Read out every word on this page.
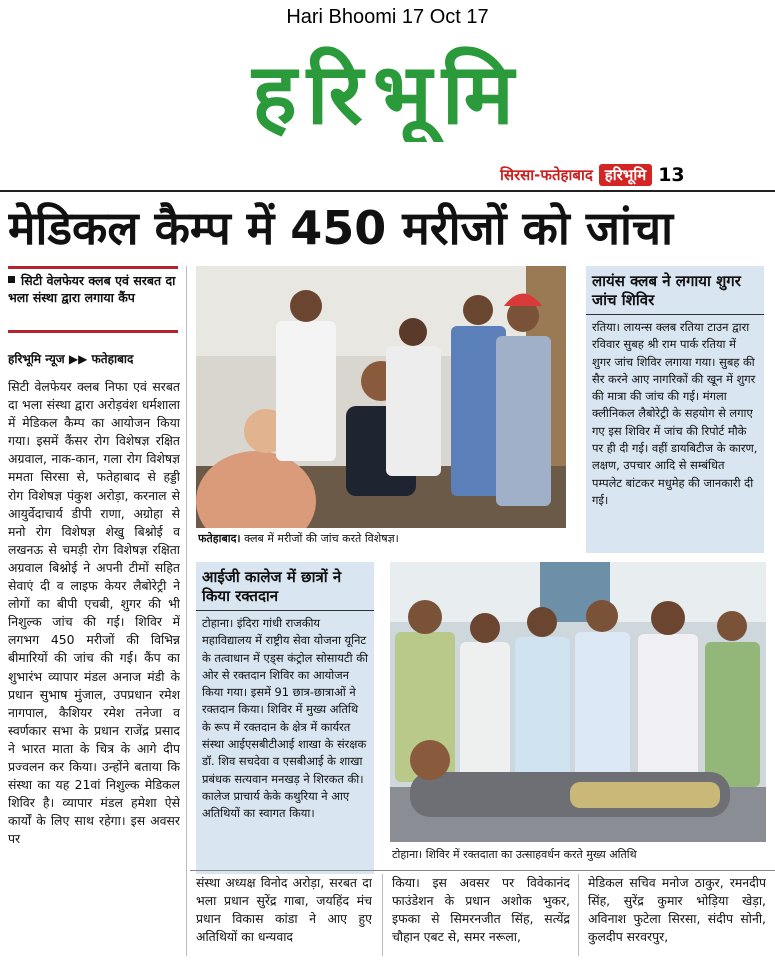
Hari Bhoomi 17 Oct 17
हरिभूमि
सिरसा-फतेहाबाद हरिभूमि 13
मेडिकल कैम्प में 450 मरीजों को जांचा
सिटी वेलफेयर क्लब एवं सरबत दा भला संस्था द्वारा लगाया कैंप
हरिभूमि न्यूज ▶▶ फतेहाबाद
सिटी वेलफेयर क्लब निफा एवं सरबत दा भला संस्था द्वारा अरोड़वंश धर्मशाला में मेडिकल कैम्प का आयोजन किया गया। इसमें कैंसर रोग विशेषज्ञ रक्षित अग्रवाल, नाक-कान, गला रोग विशेषज्ञ ममता सिरसा से, फतेहाबाद से हड्डी रोग विशेषज्ञ पंकुश अरोड़ा, करनाल से आयुर्वेदाचार्य डीपी राणा, अग्रोहा से मनो रोग विशेषज्ञ शेखु बिश्नोई व लखनऊ से चमड़ी रोग विशेषज्ञ रक्षिता अग्रवाल बिश्नोई ने अपनी टीमों सहित सेवाएं दी व लाइफ केयर लैबोरेट्री ने लोगों का बीपी एचबी, शुगर की भी निशुल्क जांच की गई। शिविर में लगभग 450 मरीजों की विभिन्न बीमारियों की जांच की गई। कैंप का शुभारंभ व्यापार मंडल अनाज मंडी के प्रधान सुभाष मुंजाल, उपप्रधान रमेश नागपाल, कैशियर रमेश तनेजा व स्वर्णकार सभा के प्रधान राजेंद्र प्रसाद ने भारत माता के चित्र के आगे दीप प्रज्वलन कर किया। उन्होंने बताया कि संस्था का यह 21वां निशुल्क मेडिकल शिविर है। व्यापार मंडल हमेशा ऐसे कार्यों के लिए साथ रहेगा। इस अवसर पर
फतेहाबाद। क्लब में मरीजों की जांच करते विशेषज्ञ।
लायंस क्लब ने लगाया शुगर जांच शिविर
रतिया। लायन्स क्लब रतिया टाउन द्वारा रविवार सुबह श्री राम पार्क रतिया में शुगर जांच शिविर लगाया गया। सुबह की सैर करने आए नागरिकों की खून में शुगर की मात्रा की जांच की गई। मंगला क्लीनिकल लैबोरेट्री के सहयोग से लगाए गए इस शिविर में जांच की रिपोर्ट मौके पर ही दी गई। वहीं डायबिटीज के कारण, लक्षण, उपचार आदि से सम्बंधित पम्पलेट बांटकर मधुमेह की जानकारी दी गई।
आईजी कालेज में छात्रों ने किया रक्तदान
टोहाना। इंदिरा गांधी राजकीय महाविद्यालय में राष्ट्रीय सेवा योजना यूनिट के तत्वाधान में एड्स कंट्रोल सोसायटी की ओर से रक्तदान शिविर का आयोजन किया गया। इसमें 91 छात्र-छात्राओं ने रक्तदान किया। शिविर में मुख्य अतिथि के रूप में रक्तदान के क्षेत्र में कार्यरत संस्था आईएसबीटीआई शाखा के संरक्षक डॉ. शिव सचदेवा व एसबीआई के शाखा प्रबंधक सत्यवान मनखड़ ने शिरकत की। कालेज प्राचार्य केके कथुरिया ने आए अतिथियों का स्वागत किया।
टोहाना। शिविर में रक्तदाता का उत्साहवर्धन करते मुख्य अतिथि
संस्था अध्यक्ष विनोद अरोड़ा, सरबत दा भला प्रधान सुरेंद्र गाबा, जयहिंद मंच प्रधान विकास कांडा ने आए हुए अतिथियों का धन्यवाद
किया। इस अवसर पर विवेकानंद फाउंडेशन के प्रधान अशोक भुकर, इफका से सिमरनजीत सिंह, सत्येंद्र चौहान एबट से, समर नरूला,
मेडिकल सचिव मनोज ठाकुर, रमनदीप सिंह, सुरेंद्र कुमार भोड़िया खेड़ा, अविनाश फुटेला सिरसा, संदीप सोनी, कुलदीप सरवरपुर,
